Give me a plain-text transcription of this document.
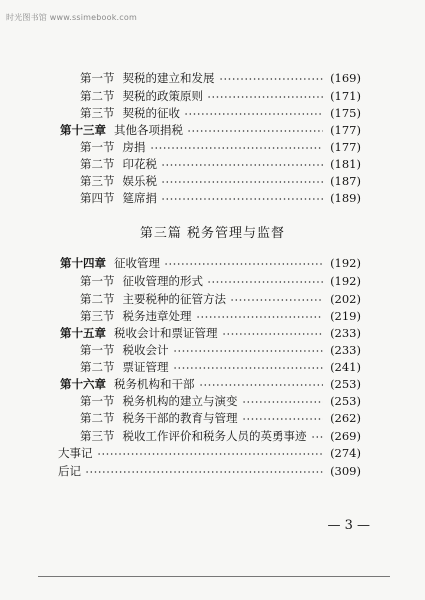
时光图书馆 www.ssimebook.com
第一节 契税的建立和发展	(169)
第二节 契税的政策原则	(171)
第三节 契税的征收	(175)
第十三章 其他各项捐税	(177)
第一节 房捐	(177)
第二节 印花税	(181)
第三节 娱乐税	(187)
第四节 筵席捐	(189)
第三篇 税务管理与监督
第十四章 征收管理	(192)
第一节 征收管理的形式	(192)
第二节 主要税种的征管方法	(202)
第三节 税务违章处理	(219)
第十五章 税收会计和票证管理	(233)
第一节 税收会计	(233)
第二节 票证管理	(241)
第十六章 税务机构和干部	(253)
第一节 税务机构的建立与演变	(253)
第二节 税务干部的教育与管理	(262)
第三节 税收工作评价和税务人员的英勇事迹 (269)
大事记	(274)
后记	(309)
— 3 —
